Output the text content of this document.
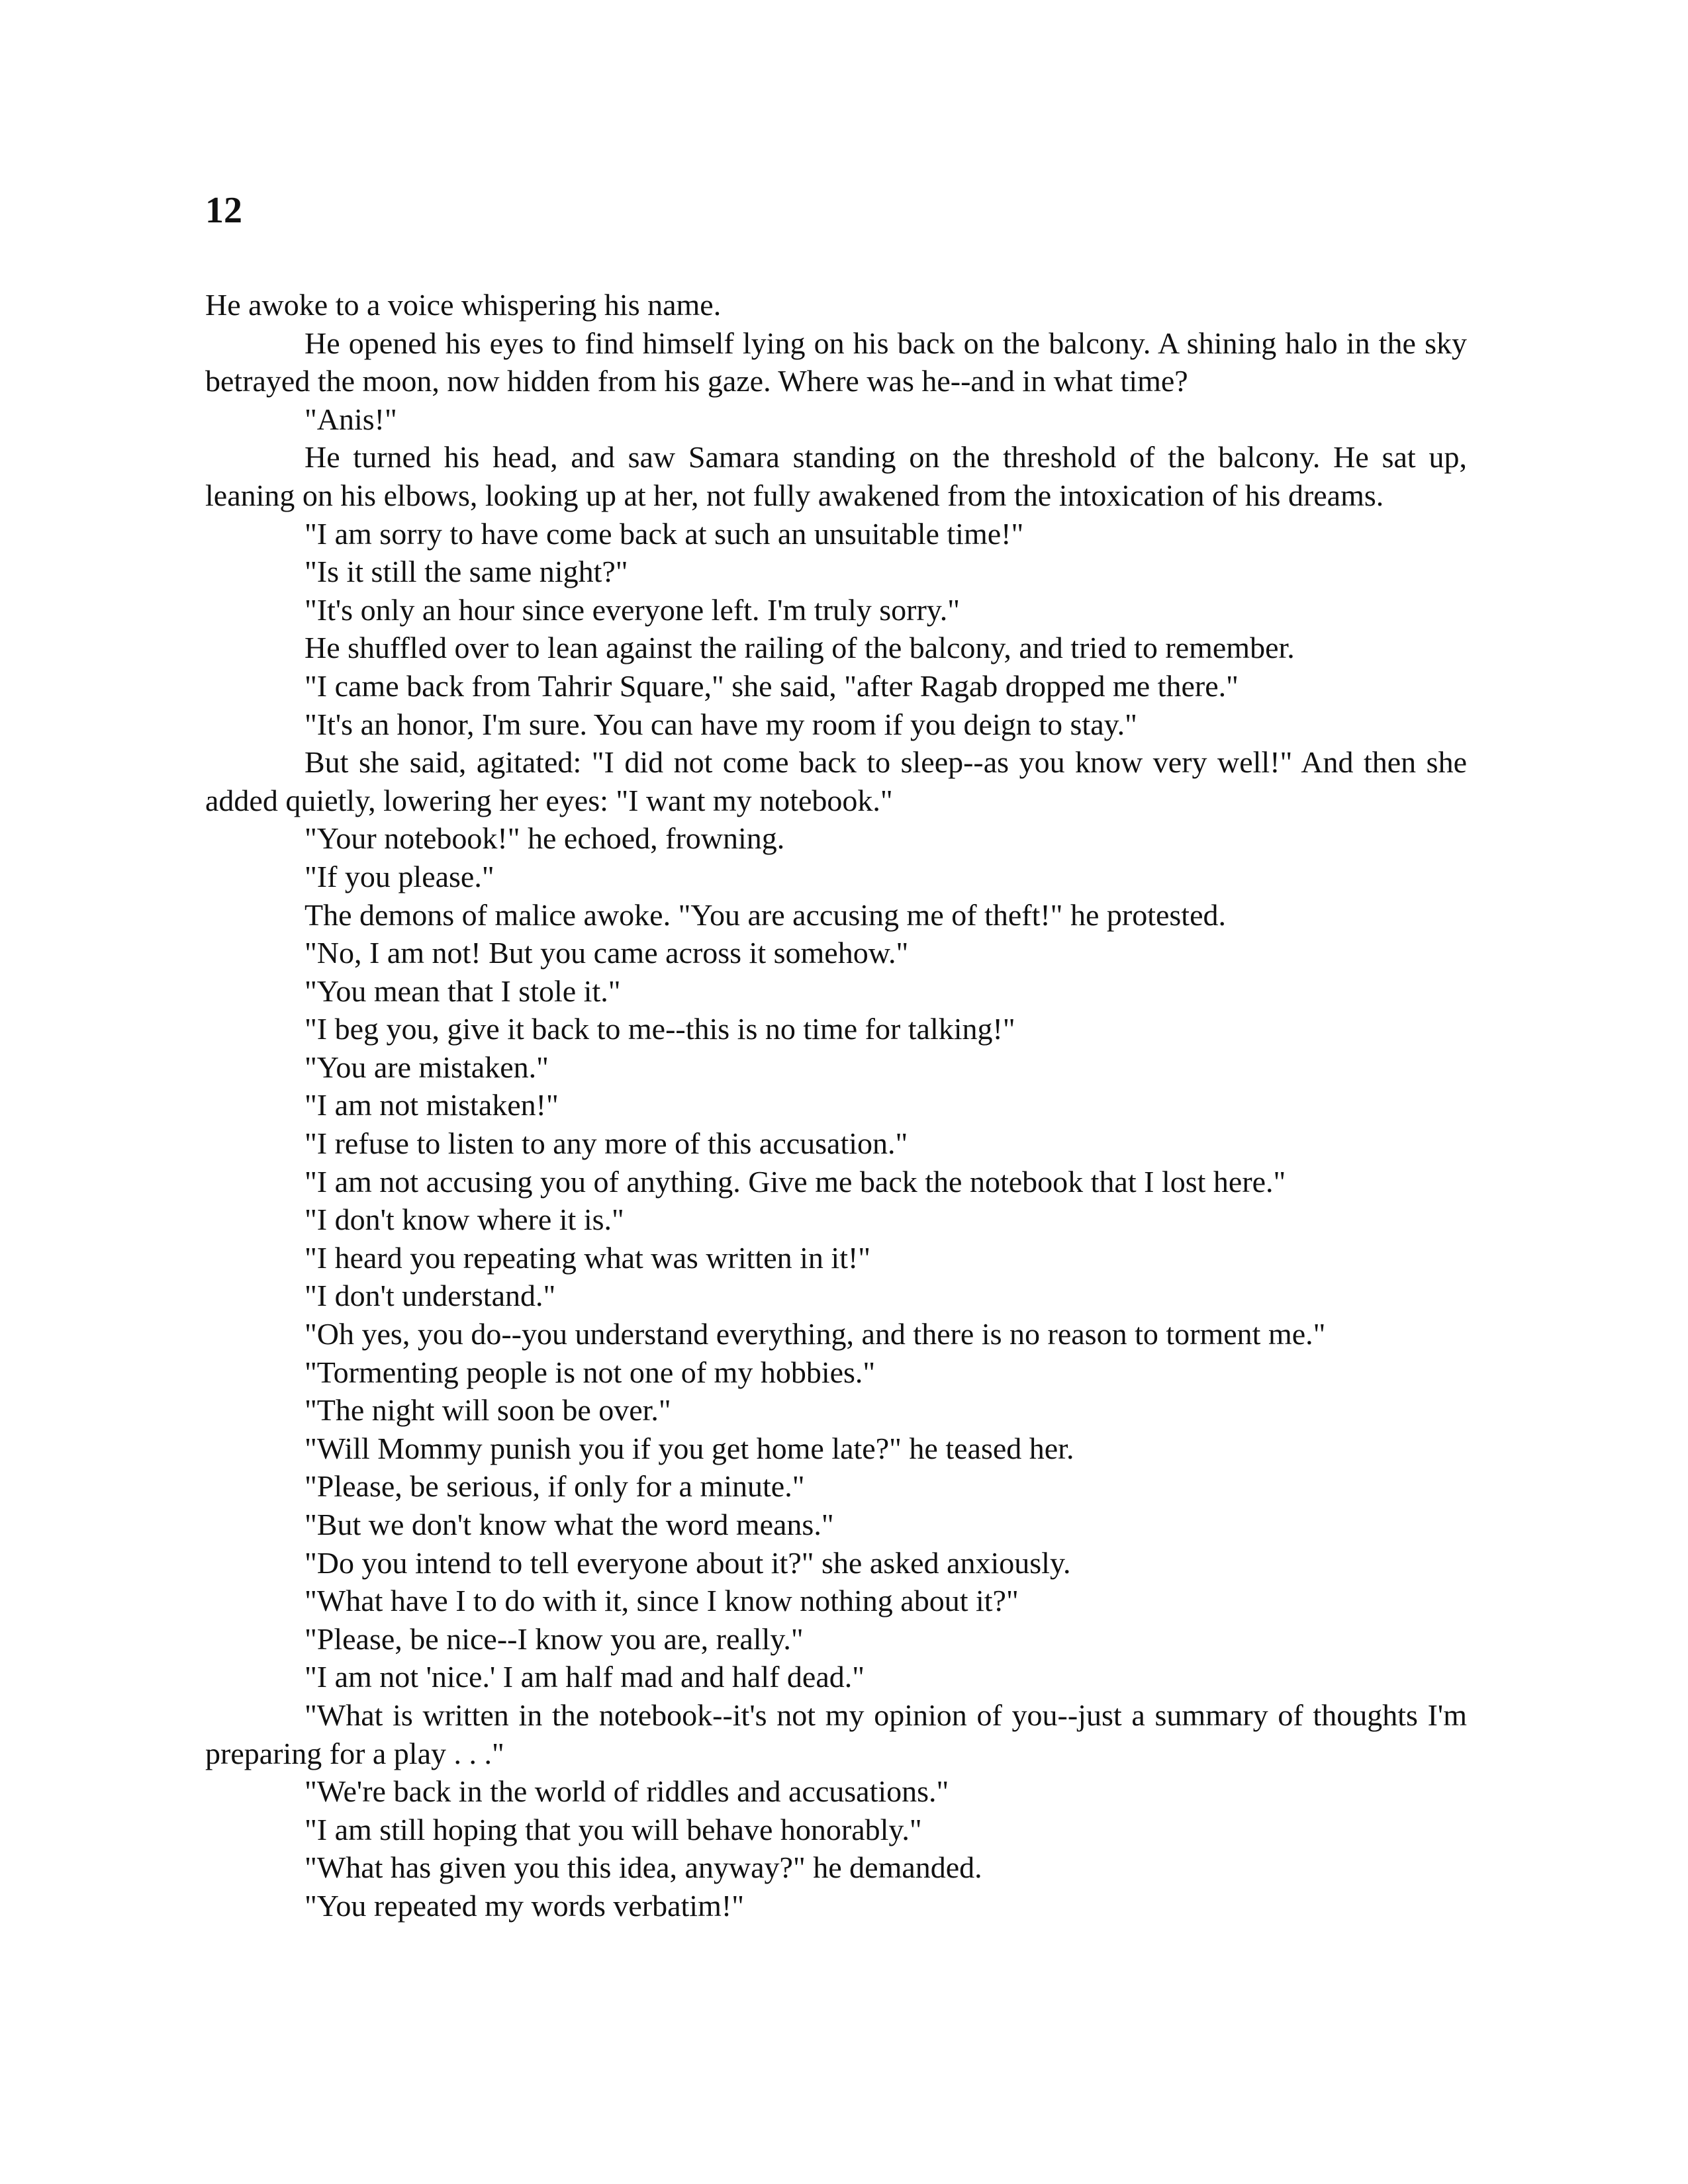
12

He awoke to a voice whispering his name.

He opened his eyes to find himself lying on his back on the balcony. A shining halo in the sky betrayed the moon, now hidden from his gaze. Where was he--and in what time?

"Anis!"

He turned his head, and saw Samara standing on the threshold of the balcony. He sat up, leaning on his elbows, looking up at her, not fully awakened from the intoxication of his dreams.

"I am sorry to have come back at such an unsuitable time!"

"Is it still the same night?"

"It's only an hour since everyone left. I'm truly sorry."

He shuffled over to lean against the railing of the balcony, and tried to remember.

"I came back from Tahrir Square," she said, "after Ragab dropped me there."

"It's an honor, I'm sure. You can have my room if you deign to stay."

But she said, agitated: "I did not come back to sleep--as you know very well!" And then she added quietly, lowering her eyes: "I want my notebook."

"Your notebook!" he echoed, frowning.

"If you please."

The demons of malice awoke. "You are accusing me of theft!" he protested.

"No, I am not! But you came across it somehow."

"You mean that I stole it."

"I beg you, give it back to me--this is no time for talking!"

"You are mistaken."

"I am not mistaken!"

"I refuse to listen to any more of this accusation."

"I am not accusing you of anything. Give me back the notebook that I lost here."

"I don't know where it is."

"I heard you repeating what was written in it!"

"I don't understand."

"Oh yes, you do--you understand everything, and there is no reason to torment me."

"Tormenting people is not one of my hobbies."

"The night will soon be over."

"Will Mommy punish you if you get home late?" he teased her.

"Please, be serious, if only for a minute."

"But we don't know what the word means."

"Do you intend to tell everyone about it?" she asked anxiously.

"What have I to do with it, since I know nothing about it?"

"Please, be nice--I know you are, really."

"I am not 'nice.' I am half mad and half dead."

"What is written in the notebook--it's not my opinion of you--just a summary of thoughts I'm preparing for a play . . ."

"We're back in the world of riddles and accusations."

"I am still hoping that you will behave honorably."

"What has given you this idea, anyway?" he demanded.

"You repeated my words verbatim!"
